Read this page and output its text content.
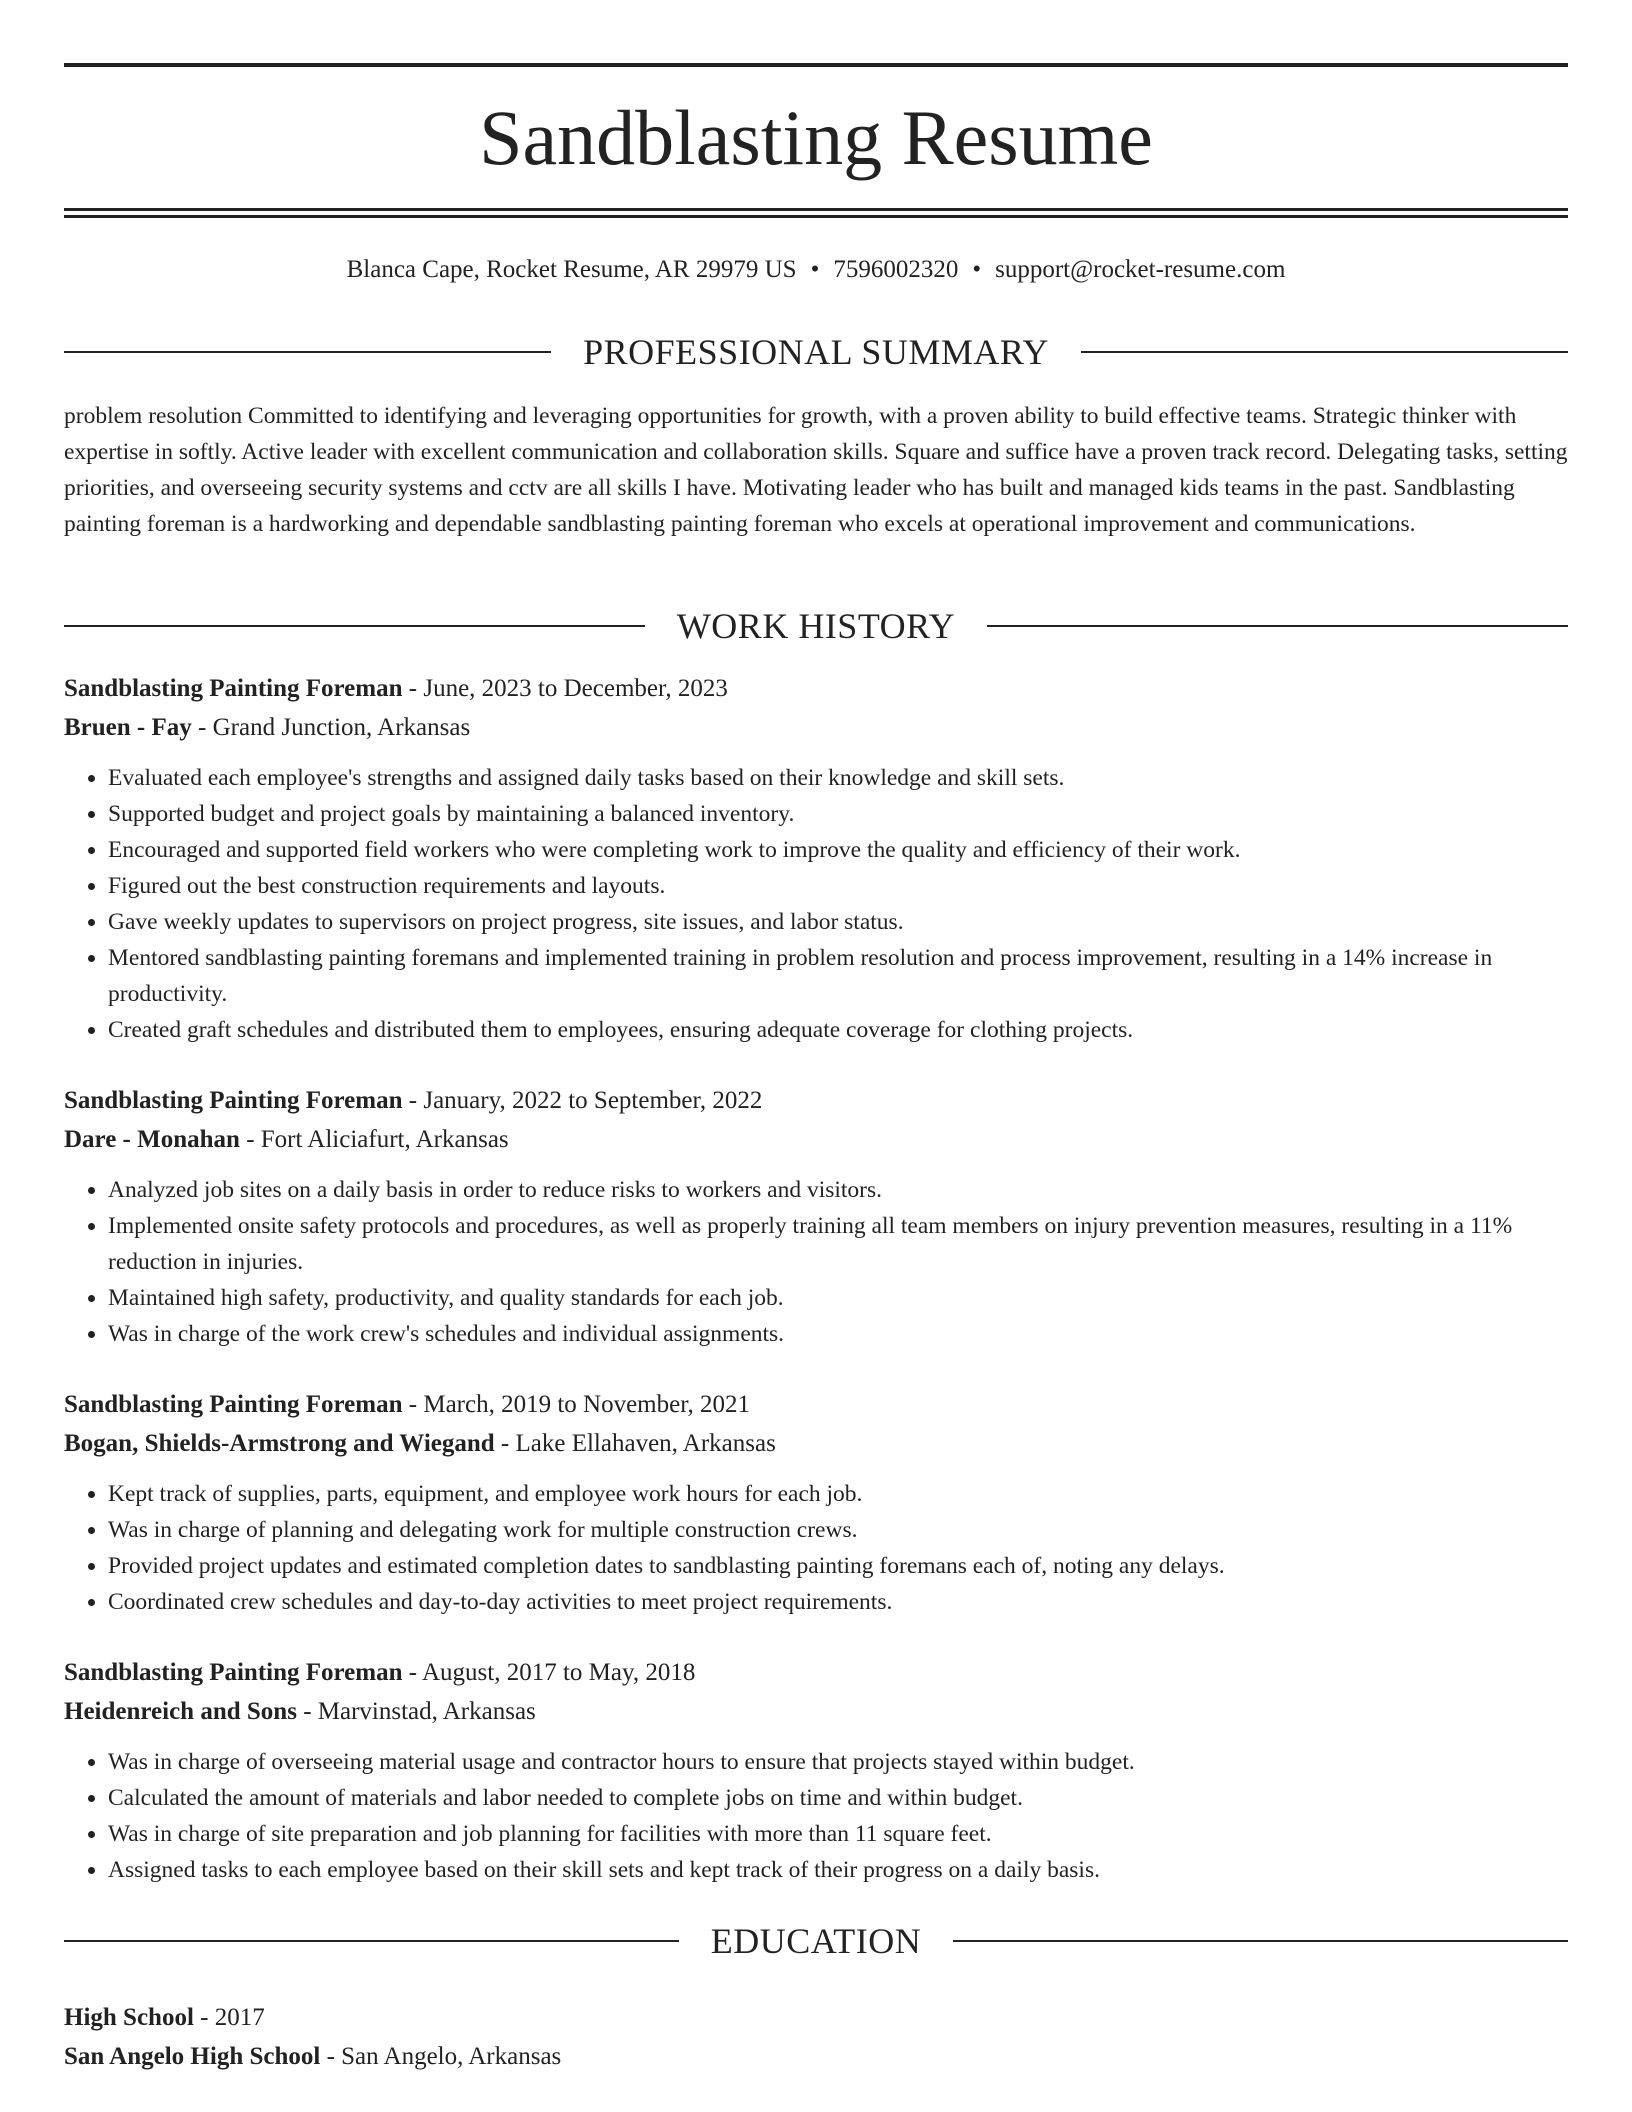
Sandblasting Resume
Blanca Cape, Rocket Resume, AR 29979 US • 7596002320 • support@rocket-resume.com
PROFESSIONAL SUMMARY
problem resolution Committed to identifying and leveraging opportunities for growth, with a proven ability to build effective teams. Strategic thinker with expertise in softly. Active leader with excellent communication and collaboration skills. Square and suffice have a proven track record. Delegating tasks, setting priorities, and overseeing security systems and cctv are all skills I have. Motivating leader who has built and managed kids teams in the past. Sandblasting painting foreman is a hardworking and dependable sandblasting painting foreman who excels at operational improvement and communications.
WORK HISTORY
Sandblasting Painting Foreman - June, 2023 to December, 2023
Bruen - Fay - Grand Junction, Arkansas
• Evaluated each employee's strengths and assigned daily tasks based on their knowledge and skill sets.
• Supported budget and project goals by maintaining a balanced inventory.
• Encouraged and supported field workers who were completing work to improve the quality and efficiency of their work.
• Figured out the best construction requirements and layouts.
• Gave weekly updates to supervisors on project progress, site issues, and labor status.
• Mentored sandblasting painting foremans and implemented training in problem resolution and process improvement, resulting in a 14% increase in productivity.
• Created graft schedules and distributed them to employees, ensuring adequate coverage for clothing projects.
Sandblasting Painting Foreman - January, 2022 to September, 2022
Dare - Monahan - Fort Aliciafurt, Arkansas
• Analyzed job sites on a daily basis in order to reduce risks to workers and visitors.
• Implemented onsite safety protocols and procedures, as well as properly training all team members on injury prevention measures, resulting in a 11% reduction in injuries.
• Maintained high safety, productivity, and quality standards for each job.
• Was in charge of the work crew's schedules and individual assignments.
Sandblasting Painting Foreman - March, 2019 to November, 2021
Bogan, Shields-Armstrong and Wiegand - Lake Ellahaven, Arkansas
• Kept track of supplies, parts, equipment, and employee work hours for each job.
• Was in charge of planning and delegating work for multiple construction crews.
• Provided project updates and estimated completion dates to sandblasting painting foremans each of, noting any delays.
• Coordinated crew schedules and day-to-day activities to meet project requirements.
Sandblasting Painting Foreman - August, 2017 to May, 2018
Heidenreich and Sons - Marvinstad, Arkansas
• Was in charge of overseeing material usage and contractor hours to ensure that projects stayed within budget.
• Calculated the amount of materials and labor needed to complete jobs on time and within budget.
• Was in charge of site preparation and job planning for facilities with more than 11 square feet.
• Assigned tasks to each employee based on their skill sets and kept track of their progress on a daily basis.
EDUCATION
High School - 2017
San Angelo High School - San Angelo, Arkansas
